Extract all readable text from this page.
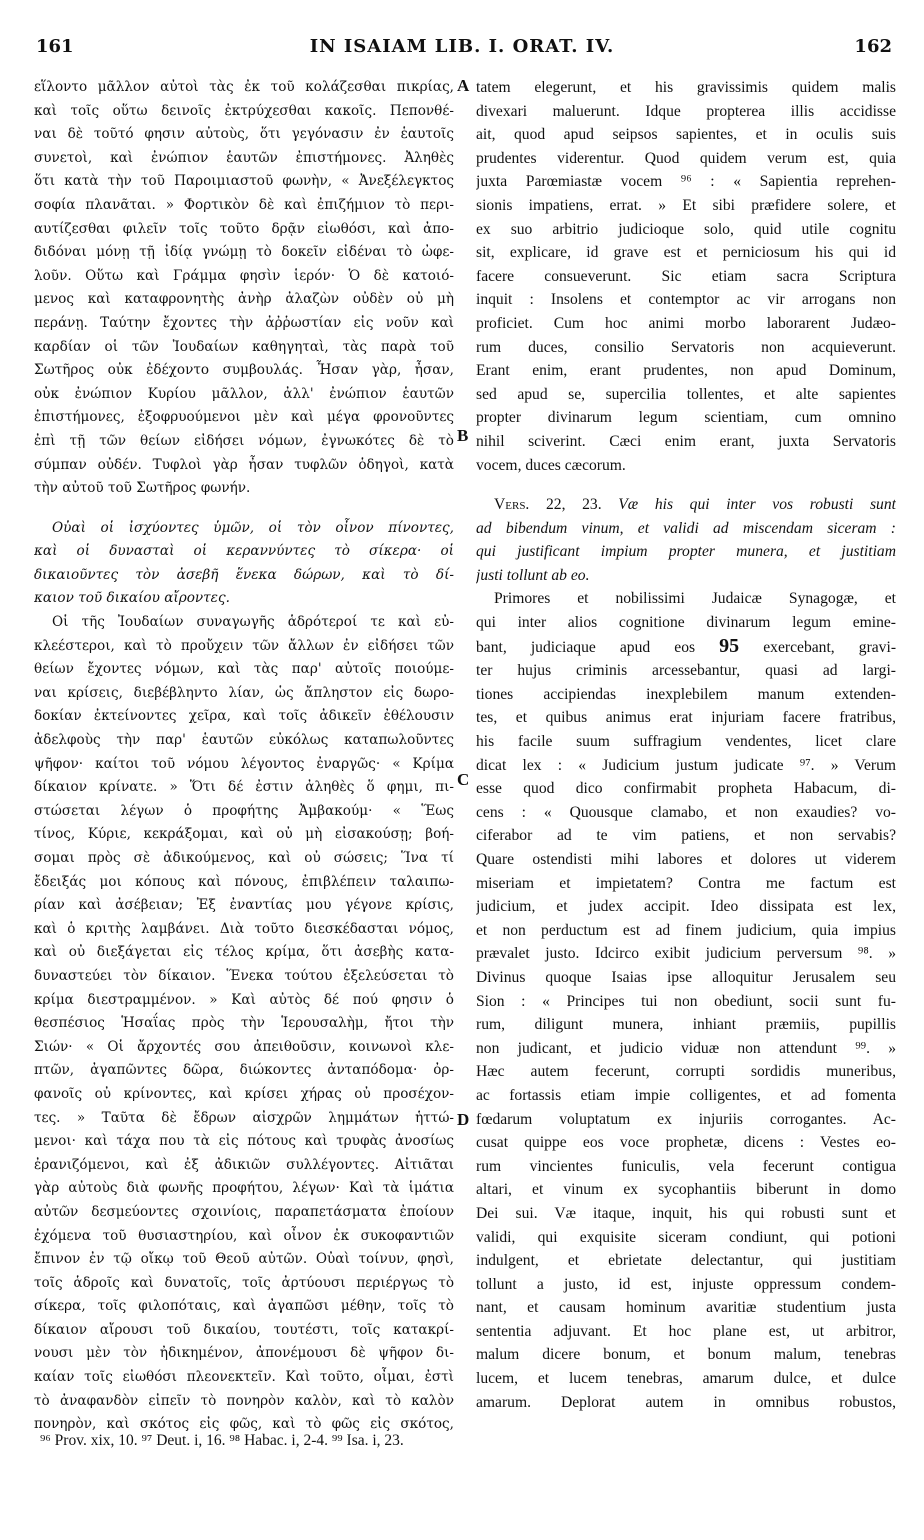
161	IN ISAIAM LIB. I. ORAT. IV.	162
εἵλοντο μᾶλλον αὐτοὶ τὰς ἐκ τοῦ κολάζεσθαι πικρίας,
καὶ τοῖς οὕτω δεινοῖς ἐκτρύχεσθαι κακοῖς. Πεπονθέ-
ναι δὲ τοῦτό φησιν αὐτοὺς, ὅτι γεγόνασιν ἐν ἑαυτοῖς
συνετοὶ, καὶ ἐνώπιον ἑαυτῶν ἐπιστήμονες. Ἀληθὲς
ὅτι κατὰ τὴν τοῦ Παροιμιαστοῦ φωνὴν, « Ἀνεξέλεγκτος
σοφία πλανᾶται. » Φορτικὸν δὲ καὶ ἐπιζήμιον τὸ περι-
αυτίζεσθαι φιλεῖν τοῖς τοῦτο δρᾷν εἰωθόσι, καὶ ἀπο-
διδόναι μόνῃ τῇ ἰδίᾳ γνώμῃ τὸ δοκεῖν εἰδέναι τὸ ὠφε-
λοῦν. Οὕτω καὶ Γράμμα φησὶν ἱερόν· Ὁ δὲ κατοιό-
μενος καὶ καταφρονητὴς ἀνὴρ ἀλαζὼν οὐδὲν οὐ μὴ
περάνῃ. Ταύτην ἔχοντες τὴν ἀῤῥωστίαν εἰς νοῦν καὶ
καρδίαν οἱ τῶν Ἰουδαίων καθηγηταὶ, τὰς παρὰ τοῦ
Σωτῆρος οὐκ ἐδέχοντο συμβουλάς. Ἦσαν γὰρ, ἦσαν,
οὐκ ἐνώπιον Κυρίου μᾶλλον, ἀλλ' ἐνώπιον ἑαυτῶν
ἐπιστήμονες, ἐξοφρυούμενοι μὲν καὶ μέγα φρονοῦντες
ἐπὶ τῇ τῶν θείων εἰδήσει νόμων, ἐγνωκότες δὲ τὸ
σύμπαν οὐδέν. Τυφλοὶ γὰρ ἦσαν τυφλῶν ὁδηγοὶ, κατὰ
τὴν αὐτοῦ τοῦ Σωτῆρος φωνήν.
Οὐαὶ οἱ ἰσχύοντες ὑμῶν, οἱ τὸν οἶνον πίνοντες,
καὶ οἱ δυνασταὶ οἱ κεραννύντες τὸ σίκερα· οἱ
δικαιοῦντες τὸν ἀσεβῆ ἕνεκα δώρων, καὶ τὸ δί-
καιον τοῦ δικαίου αἴροντες.
Οἱ τῆς Ἰουδαίων συναγωγῆς ἁδρότεροί τε καὶ εὐ-
κλεέστεροι, καὶ τὸ προὔχειν τῶν ἄλλων ἐν εἰδήσει τῶν
θείων ἔχοντες νόμων, καὶ τὰς παρ' αὐτοῖς ποιούμε-
ναι κρίσεις, διεβέβληντο λίαν, ὡς ἄπληστον εἰς δωρο-
δοκίαν ἐκτείνοντες χεῖρα, καὶ τοῖς ἀδικεῖν ἐθέλουσιν
ἀδελφοὺς τὴν παρ' ἑαυτῶν εὐκόλως καταπωλοῦντες
ψῆφον· καίτοι τοῦ νόμου λέγοντος ἐναργῶς· « Κρίμα
δίκαιον κρίνατε. » Ὅτι δέ ἐστιν ἀληθὲς ὅ φημι, πι-
στώσεται λέγων ὁ προφήτης Ἀμβακούμ· « Ἕως
τίνος, Κύριε, κεκράξομαι, καὶ οὐ μὴ εἰσακούσῃ; βοή-
σομαι πρὸς σὲ ἀδικούμενος, καὶ οὐ σώσεις; Ἵνα τί
ἔδειξάς μοι κόπους καὶ πόνους, ἐπιβλέπειν ταλαιπω-
ρίαν καὶ ἀσέβειαν; Ἐξ ἐναντίας μου γέγονε κρίσις,
καὶ ὁ κριτὴς λαμβάνει. Διὰ τοῦτο διεσκέδασται νόμος,
καὶ οὐ διεξάγεται εἰς τέλος κρίμα, ὅτι ἀσεβὴς κατα-
δυναστεύει τὸν δίκαιον. Ἕνεκα τούτου ἐξελεύσεται τὸ
κρίμα διεστραμμένον. » Καὶ αὐτὸς δέ πού φησιν ὁ
θεσπέσιος Ἡσαΐας πρὸς τὴν Ἱερουσαλὴμ, ἤτοι τὴν
Σιών· « Οἱ ἄρχοντές σου ἀπειθοῦσιν, κοινωνοὶ κλε-
πτῶν, ἀγαπῶντες δῶρα, διώκοντες ἀνταπόδομα· ὀρ-
φανοῖς οὐ κρίνοντες, καὶ κρίσει χήρας οὐ προσέχον-
τες. » Ταῦτα δὲ ἔδρων αἰσχρῶν λημμάτων ἡττώ-
μενοι· καὶ τάχα που τὰ εἰς πότους καὶ τρυφὰς ἀνοσίως
ἐρανιζόμενοι, καὶ ἐξ ἀδικιῶν συλλέγοντες. Αἰτιᾶται
γὰρ αὐτοὺς διὰ φωνῆς προφήτου, λέγων· Καὶ τὰ ἱμάτια
αὐτῶν δεσμεύοντες σχοινίοις, παραπετάσματα ἐποίουν
ἐχόμενα τοῦ θυσιαστηρίου, καὶ οἶνον ἐκ συκοφαντιῶν
ἔπινον ἐν τῷ οἴκῳ τοῦ Θεοῦ αὐτῶν. Οὐαὶ τοίνυν, φησὶ,
τοῖς ἁδροῖς καὶ δυνατοῖς, τοῖς ἀρτύουσι περιέργως τὸ
σίκερα, τοῖς φιλοπόταις, καὶ ἀγαπῶσι μέθην, τοῖς τὸ
δίκαιον αἴρουσι τοῦ δικαίου, τουτέστι, τοῖς κατακρί-
νουσι μὲν τὸν ἠδικημένον, ἀπονέμουσι δὲ ψῆφον δι-
καίαν τοῖς εἰωθόσι πλεονεκτεῖν. Καὶ τοῦτο, οἶμαι, ἐστὶ
τὸ ἀναφανδὸν εἰπεῖν τὸ πονηρὸν καλὸν, καὶ τὸ καλὸν
πονηρὸν, καὶ σκότος εἰς φῶς, καὶ τὸ φῶς εἰς σκότος,
tatem elegerunt, et his gravissimis quidem malis
divexari maluerunt. Idque propterea illis accidisse
ait, quod apud seipsos sapientes, et in oculis suis
prudentes viderentur. Quod quidem verum est, quia
juxta Parœmiastæ vocem ⁹⁶ : « Sapientia reprehen-
sionis impatiens, errat. » Et sibi præfidere solere, et
ex suo arbitrio judicioque solo, quid utile cognitu
sit, explicare, id grave est et perniciosum his qui id
facere consueverunt. Sic etiam sacra Scriptura
inquit : Insolens et contemptor ac vir arrogans non
proficiet. Cum hoc animi morbo laborarent Judæo-
rum duces, consilio Servatoris non acquieverunt.
Erant enim, erant prudentes, non apud Dominum,
sed apud se, supercilia tollentes, et alte sapientes
propter divinarum legum scientiam, cum omnino
nihil sciverint. Cæci enim erant, juxta Servatoris
vocem, duces cæcorum.
Vers. 22, 23. Væ his qui inter vos robusti sunt
ad bibendum vinum, et validi ad miscendam siceram :
qui justificant impium propter munera, et justitiam
justi tollunt ab eo.
Primores et nobilissimi Judaicæ Synagogæ, et
qui inter alios cognitione divinarum legum emine-
bant, judiciaque apud eos 95 exercebant, gravi-
ter hujus criminis arcessebantur, quasi ad largi-
tiones accipiendas inexplebilem manum extenden-
tes, et quibus animus erat injuriam facere fratribus,
his facile suum suffragium vendentes, licet clare
dicat lex : « Judicium justum judicate ⁹⁷. » Verum
esse quod dico confirmabit propheta Habacum, di-
cens : « Quousque clamabo, et non exaudies? vo-
ciferabor ad te vim patiens, et non servabis?
Quare ostendisti mihi labores et dolores ut viderem
miseriam et impietatem? Contra me factum est
judicium, et judex accipit. Ideo dissipata est lex,
et non perductum est ad finem judicium, quia impius
prævalet justo. Idcirco exibit judicium perversum ⁹⁸. »
Divinus quoque Isaias ipse alloquitur Jerusalem seu
Sion : « Principes tui non obediunt, socii sunt fu-
rum, diligunt munera, inhiant præmiis, pupillis
non judicant, et judicio viduæ non attendunt ⁹⁹. »
Hæc autem fecerunt, corrupti sordidis muneribus,
ac fortassis etiam impie colligentes, et ad fomenta
fœdarum voluptatum ex injuriis corrogantes. Ac-
cusat quippe eos voce prophetæ, dicens : Vestes eo-
rum vincientes funiculis, vela fecerunt contigua
altari, et vinum ex sycophantiis biberunt in domo
Dei sui. Væ itaque, inquit, his qui robusti sunt et
validi, qui exquisite siceram condiunt, qui potioni
indulgent, et ebrietate delectantur, qui justitiam
tollunt a justo, id est, injuste oppressum condem-
nant, et causam hominum avaritiæ studentium justa
sententia adjuvant. Et hoc plane est, ut arbitror,
malum dicere bonum, et bonum malum, tenebras
lucem, et lucem tenebras, amarum dulce, et dulce
amarum. Deplorat autem in omnibus robustos,
A
B
C
D
⁹⁶ Prov. xix, 10. ⁹⁷ Deut. i, 16. ⁹⁸ Habac. i, 2-4. ⁹⁹ Isa. i, 23.
